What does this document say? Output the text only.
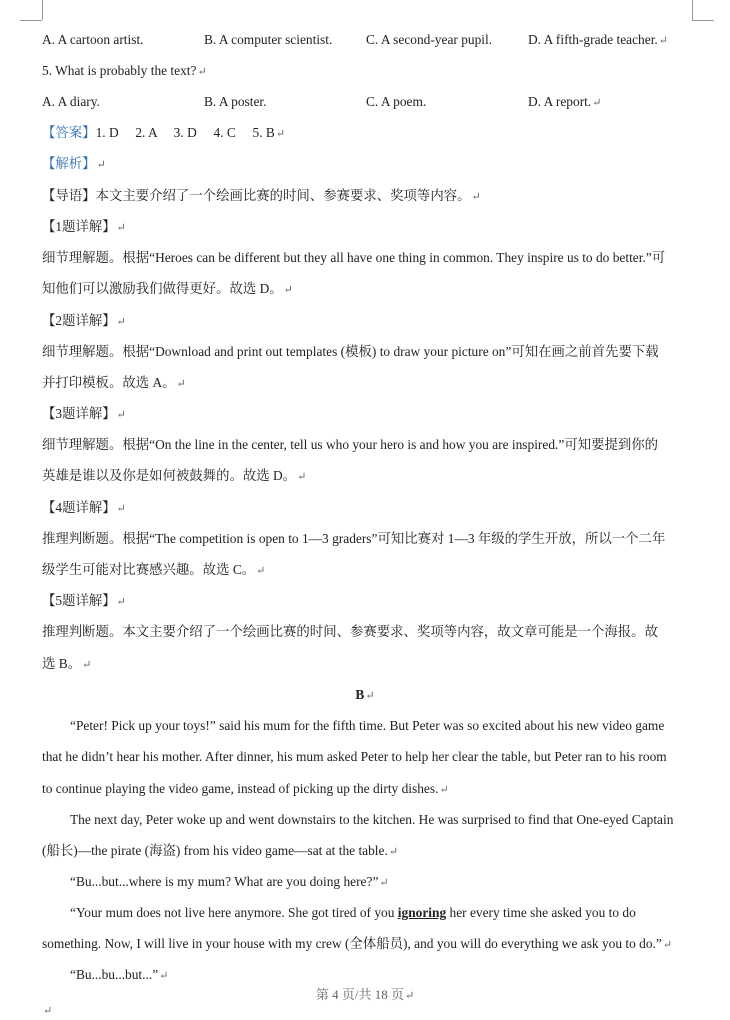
A. A cartoon artist.	B. A computer scientist.	C. A second-year pupil.	D. A fifth-grade teacher.↵
5. What is probably the text?↵
A. A diary.	B. A poster.	C. A poem.	D. A report.↵
【答案】1. D     2. A     3. D     4. C     5. B↵
【解析】↵
【导语】本文主要介绍了一个绘画比赛的时间、参赛要求、奖项等内容。↵
【1题详解】↵
细节理解题。根据“Heroes can be different but they all have one thing in common. They inspire us to do better.”可
知他们可以激励我们做得更好。故选 D。↵
【2题详解】↵
细节理解题。根据“Download and print out templates (模板) to draw your picture on”可知在画之前首先要下载
并打印模板。故选 A。↵
【3题详解】↵
细节理解题。根据“On the line in the center, tell us who your hero is and how you are inspired.”可知要提到你的
英雄是谁以及你是如何被鼓舞的。故选 D。↵
【4题详解】↵
推理判断题。根据“The competition is open to 1—3 graders”可知比赛对 1—3 年级的学生开放，所以一个二年
级学生可能对比赛感兴趣。故选 C。↵
【5题详解】↵
推理判断题。本文主要介绍了一个绘画比赛的时间、参赛要求、奖项等内容，故文章可能是一个海报。故
选 B。↵
B↵
“Peter! Pick up your toys!” said his mum for the fifth time. But Peter was so excited about his new video game
that he didn’t hear his mother. After dinner, his mum asked Peter to help her clear the table, but Peter ran to his room
to continue playing the video game, instead of picking up the dirty dishes.↵
The next day, Peter woke up and went downstairs to the kitchen. He was surprised to find that One-eyed Captain
(船长)—the pirate (海盗) from his video game—sat at the table.↵
“Bu...but...where is my mum? What are you doing here?”↵
“Your mum does not live here anymore. She got tired of you ignoring her every time she asked you to do
something. Now, I will live in your house with my crew (全体船员), and you will do everything we ask you to do.”↵
“Bu...bu...but...”↵
第 4 页/共 18 页↵
↵
